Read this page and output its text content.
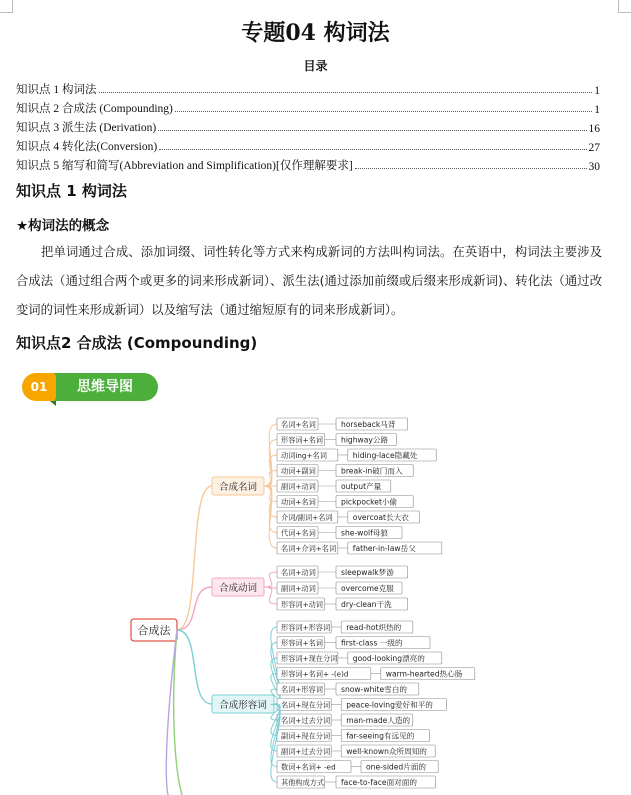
专题04 构词法
目录
知识点 1 构词法	1
知识点 2 合成法 (Compounding)	1
知识点 3 派生法 (Derivation)	16
知识点 4 转化法(Conversion)	27
知识点 5 缩写和简写(Abbreviation and Simplification)[仅作理解要求]	30
知识点 1 构词法
★构词法的概念
把单词通过合成、添加词缀、词性转化等方式来构成新词的方法叫构词法。在英语中，构词法主要涉及合成法（通过组合两个或更多的词来形成新词）、派生法(通过添加前缀或后缀来形成新词)、转化法（通过改变词的词性来形成新词）以及缩写法（通过缩短原有的词来形成新词）。
知识点2 合成法 (Compounding)
思维导图
01
合成法
合成名词
名词+名词	horseback马背
形容词+名词 highway公路
动词ing+名词	hiding-lace隐藏处
动词+副词	break-in破门而入
副词+动词	output产量
动词+名词	pickpocket小偷
介词/副词+名词	overcoat长大衣
代词+名词	she-wolf母狼
名词+介词+名词 father-in-law岳父
合成动词
名词+动词	sleepwalk梦游
副词+动词	overcome克服
形容词+动词 dry-clean干洗
合成形容词
形容词+形容词 read-hot炽热的
形容词+名词 first-class 一级的
形容词+现在分词 good-looking漂亮的
形容词+名词+ -(e)d	warm-hearted热心肠
名词+形容词 snow-white雪白的
名词+现在分词 peace-loving爱好和平的
名词+过去分词 man-made人造的
副词+现在分词 far-seeing有远见的
副词+过去分词 well-known众所周知的
数词+名词+ -ed	one-sided片面的
其他构成方式 face-to-face面对面的
